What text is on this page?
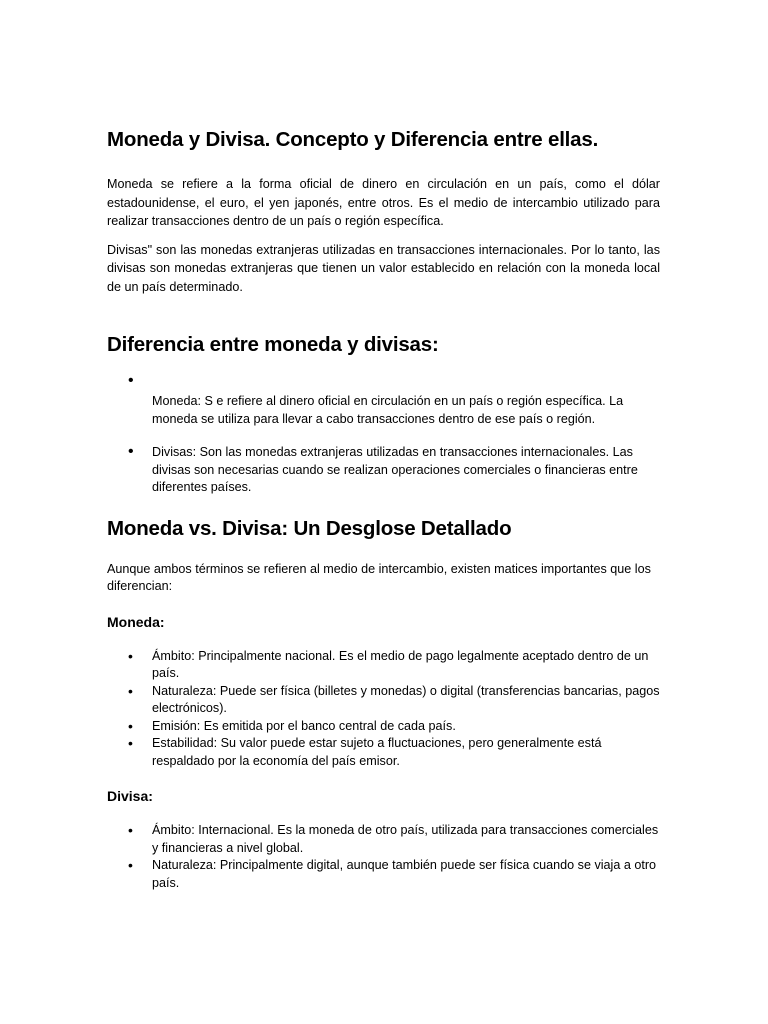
Moneda y Divisa. Concepto y Diferencia entre ellas.

Moneda se refiere a la forma oficial de dinero en circulación en un país, como el dólar estadounidense, el euro, el yen japonés, entre otros. Es el medio de intercambio utilizado para realizar transacciones dentro de un país o región específica.

Divisas" son las monedas extranjeras utilizadas en transacciones internacionales. Por lo tanto, las divisas son monedas extranjeras que tienen un valor establecido en relación con la moneda local de un país determinado.

Diferencia entre moneda y divisas:
•
Moneda: S e refiere al dinero oficial en circulación en un país o región específica. La moneda se utiliza para llevar a cabo transacciones dentro de ese país o región.
• Divisas: Son las monedas extranjeras utilizadas en transacciones internacionales. Las divisas son necesarias cuando se realizan operaciones comerciales o financieras entre diferentes países.
Moneda vs. Divisa: Un Desglose Detallado

Aunque ambos términos se refieren al medio de intercambio, existen matices importantes que los diferencian:

Moneda:
• Ámbito: Principalmente nacional. Es el medio de pago legalmente aceptado dentro de un país.
• Naturaleza: Puede ser física (billetes y monedas) o digital (transferencias bancarias, pagos electrónicos).
• Emisión: Es emitida por el banco central de cada país.
• Estabilidad: Su valor puede estar sujeto a fluctuaciones, pero generalmente está respaldado por la economía del país emisor.
Divisa:
• Ámbito: Internacional. Es la moneda de otro país, utilizada para transacciones comerciales y financieras a nivel global.
• Naturaleza: Principalmente digital, aunque también puede ser física cuando se viaja a otro país.
